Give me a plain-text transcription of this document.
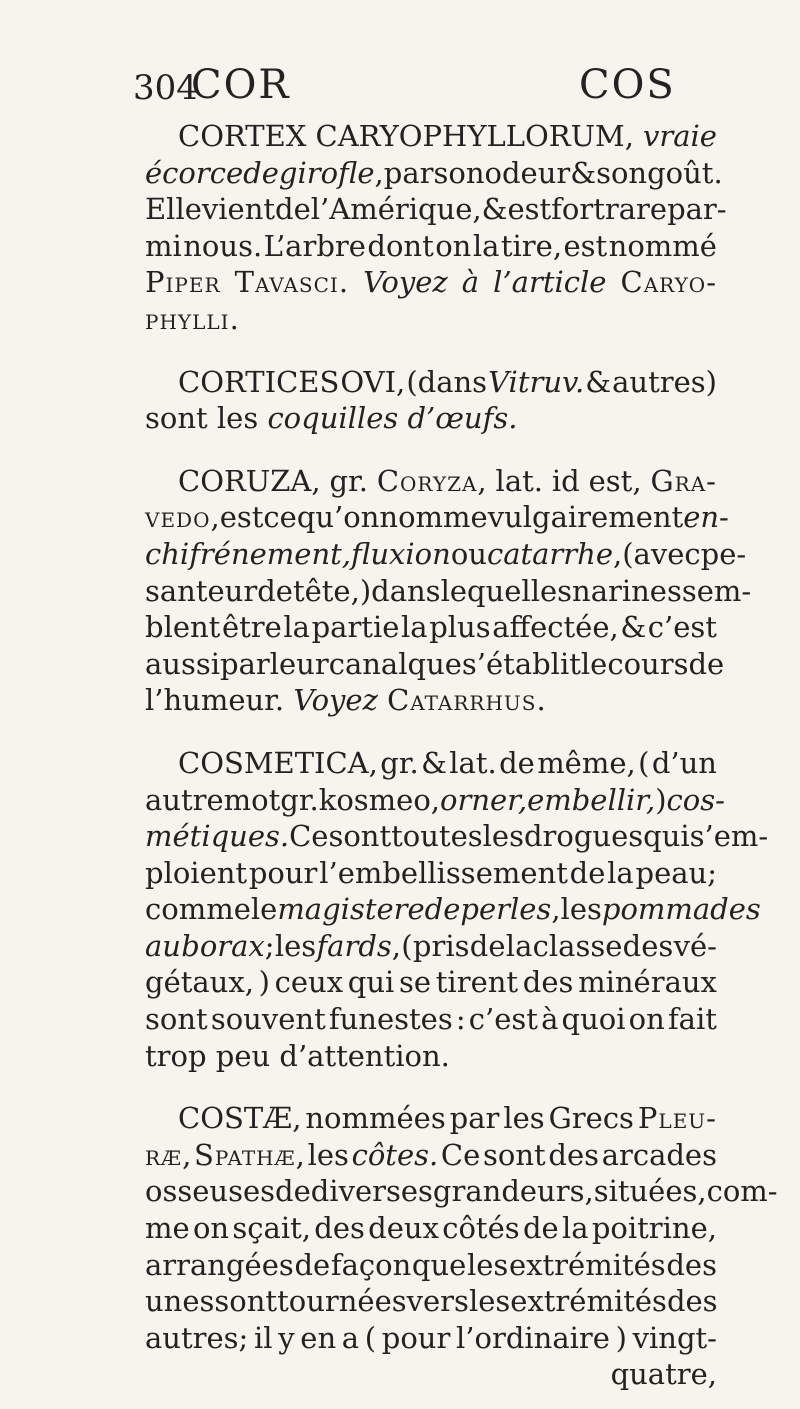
304
COR	COS
CORTEX CARYOPHYLLORUM, vraie
écorce de girofle, par son odeur & son goût.
Elle vient de l’Amérique, & est fort rare par-
mi nous. L’arbre dont on la tire, est nommé
Piper Tavasci. Voyez à l’article Caryo-
phylli.
CORTICES OVI, (dans Vitruv. & autres)
sont les coquilles d’œufs.
CORUZA, gr. Coryza, lat. id est, Gra-
vedo, est ce qu’on nomme vulgairement en-
chifrénement, fluxion ou catarrhe, ( avec pe-
santeur de tête, ) dans lequel les narines sem-
blent être la partie la plus affectée, & c’est
aussi par leur canal que s’établit le cours de
l’humeur. Voyez Catarrhus.
COSMETICA, gr. & lat. de même, ( d’un
autre mot gr. kosmeo, orner, embellir, ) cos-
métiques. Ce sont toutes les drogues qui s’em-
ploient pour l’embellissement de la peau;
comme le magistere de perles, les pommades
au borax; les fards, ( pris de la classe des vé-
gétaux, ) ceux qui se tirent des minéraux
sont souvent funestes : c’est à quoi on fait
trop peu d’attention.
COSTÆ, nommées par les Grecs Pleu-
ræ, Spathæ, les côtes. Ce sont des arcades
osseuses de diverses grandeurs, situées, com-
me on sçait, des deux côtés de la poitrine,
arrangées de façon que les extrémités des
unes sont tournées vers les extrémités des
autres; il y en a ( pour l’ordinaire ) vingt-
quatre,
